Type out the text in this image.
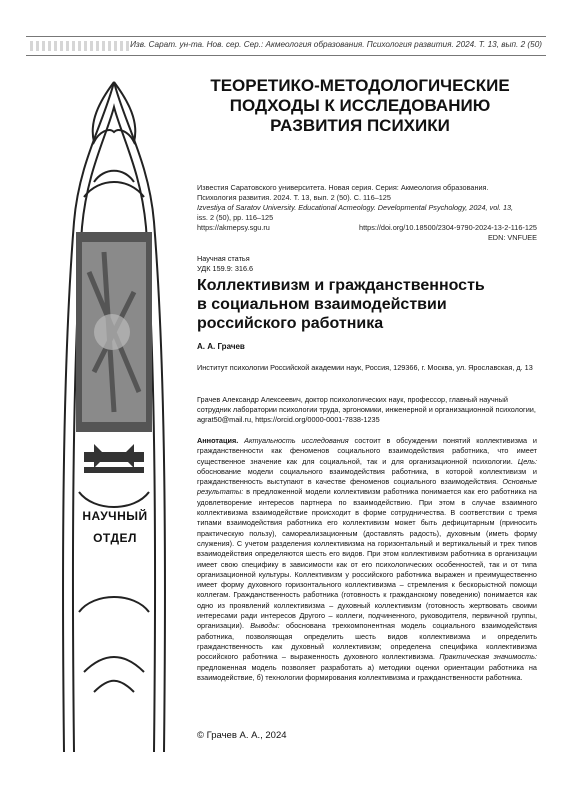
Изв. Сарат. ун-та. Нов. сер. Сер.: Акмеология образования. Психология развития. 2024. Т. 13, вып. 2 (50)
ТЕОРЕТИКО-МЕТОДОЛОГИЧЕСКИЕ
ПОДХОДЫ К ИССЛЕДОВАНИЮ
РАЗВИТИЯ ПСИХИКИ
НАУЧНЫЙ
ОТДЕЛ
Известия Саратовского университета. Новая серия. Серия: Акмеология образования.
Психология развития. 2024. Т. 13, вып. 2 (50). С. 116–125
Izvestiya of Saratov University. Educational Acmeology. Developmental Psychology, 2024, vol. 13,
iss. 2 (50), pp. 116–125
https://akmepsy.sgu.ru	https://doi.org/10.18500/2304-9790-2024-13-2-116-125
EDN: VNFUEE
Научная статья
УДК 159.9: 316.6
Коллективизм и гражданственность
в социальном взаимодействии
российского работника
А. А. Грачев
Институт психологии Российской академии наук, Россия, 129366, г. Москва, ул. Ярославская, д. 13
Грачев Александр Алексеевич, доктор психологических наук, профессор, главный научный сотрудник лаборатории психологии труда, эргономики, инженерной и организационной психологии, agrat50@mail.ru, https://orcid.org/0000-0001-7838-1235
Аннотация. Актуальность исследования состоит в обсуждении понятий коллективизма и гражданственности как феноменов социального взаимодействия работника, что имеет существенное значение как для социальной, так и для организационной психологии. Цель: обоснование модели социального взаимодействия работника, в которой коллективизм и гражданственность выступают в качестве феноменов социального взаимодействия. Основные результаты: в предложенной модели коллективизм работника понимается как его работника на удовлетворение интересов партнера по взаимодействию. При этом в случае взаимного коллективизма взаимодействие происходит в форме сотрудничества. В соответствии с тремя типами взаимодействия работника его коллективизм может быть дефицитарным (приносить практическую пользу), самореализационным (доставлять радость), духовным (иметь форму служения). С учетом разделения коллективизма на горизонтальный и вертикальный и трех типов взаимодействия определяются шесть его видов. При этом коллективизм работника в организации имеет свою специфику в зависимости как от его психологических особенностей, так и от типа организационной культуры. Коллективизм у российского работника выражен и преимущественно имеет форму духовного горизонтального коллективизма – стремления к бескорыстной помощи коллегам. Гражданственность работника (готовность к гражданскому поведению) понимается как одно из проявлений коллективизма – духовный коллективизм (готовность жертвовать своими интересами ради интересов Другого – коллеги, подчиненного, руководителя, первичной группы, организации). Выводы: обоснована трехкомпонентная модель социального взаимодействия работника, позволяющая определить шесть видов коллективизма и определить гражданственность как духовный коллективизм; определена специфика коллективизма российского работника – выраженность духовного коллективизма. Практическая значимость: предложенная модель позволяет разработать а) методики оценки ориентации работника на взаимодействие, б) технологии формирования коллективизма и гражданственности работника.
© Грачев А. А., 2024
